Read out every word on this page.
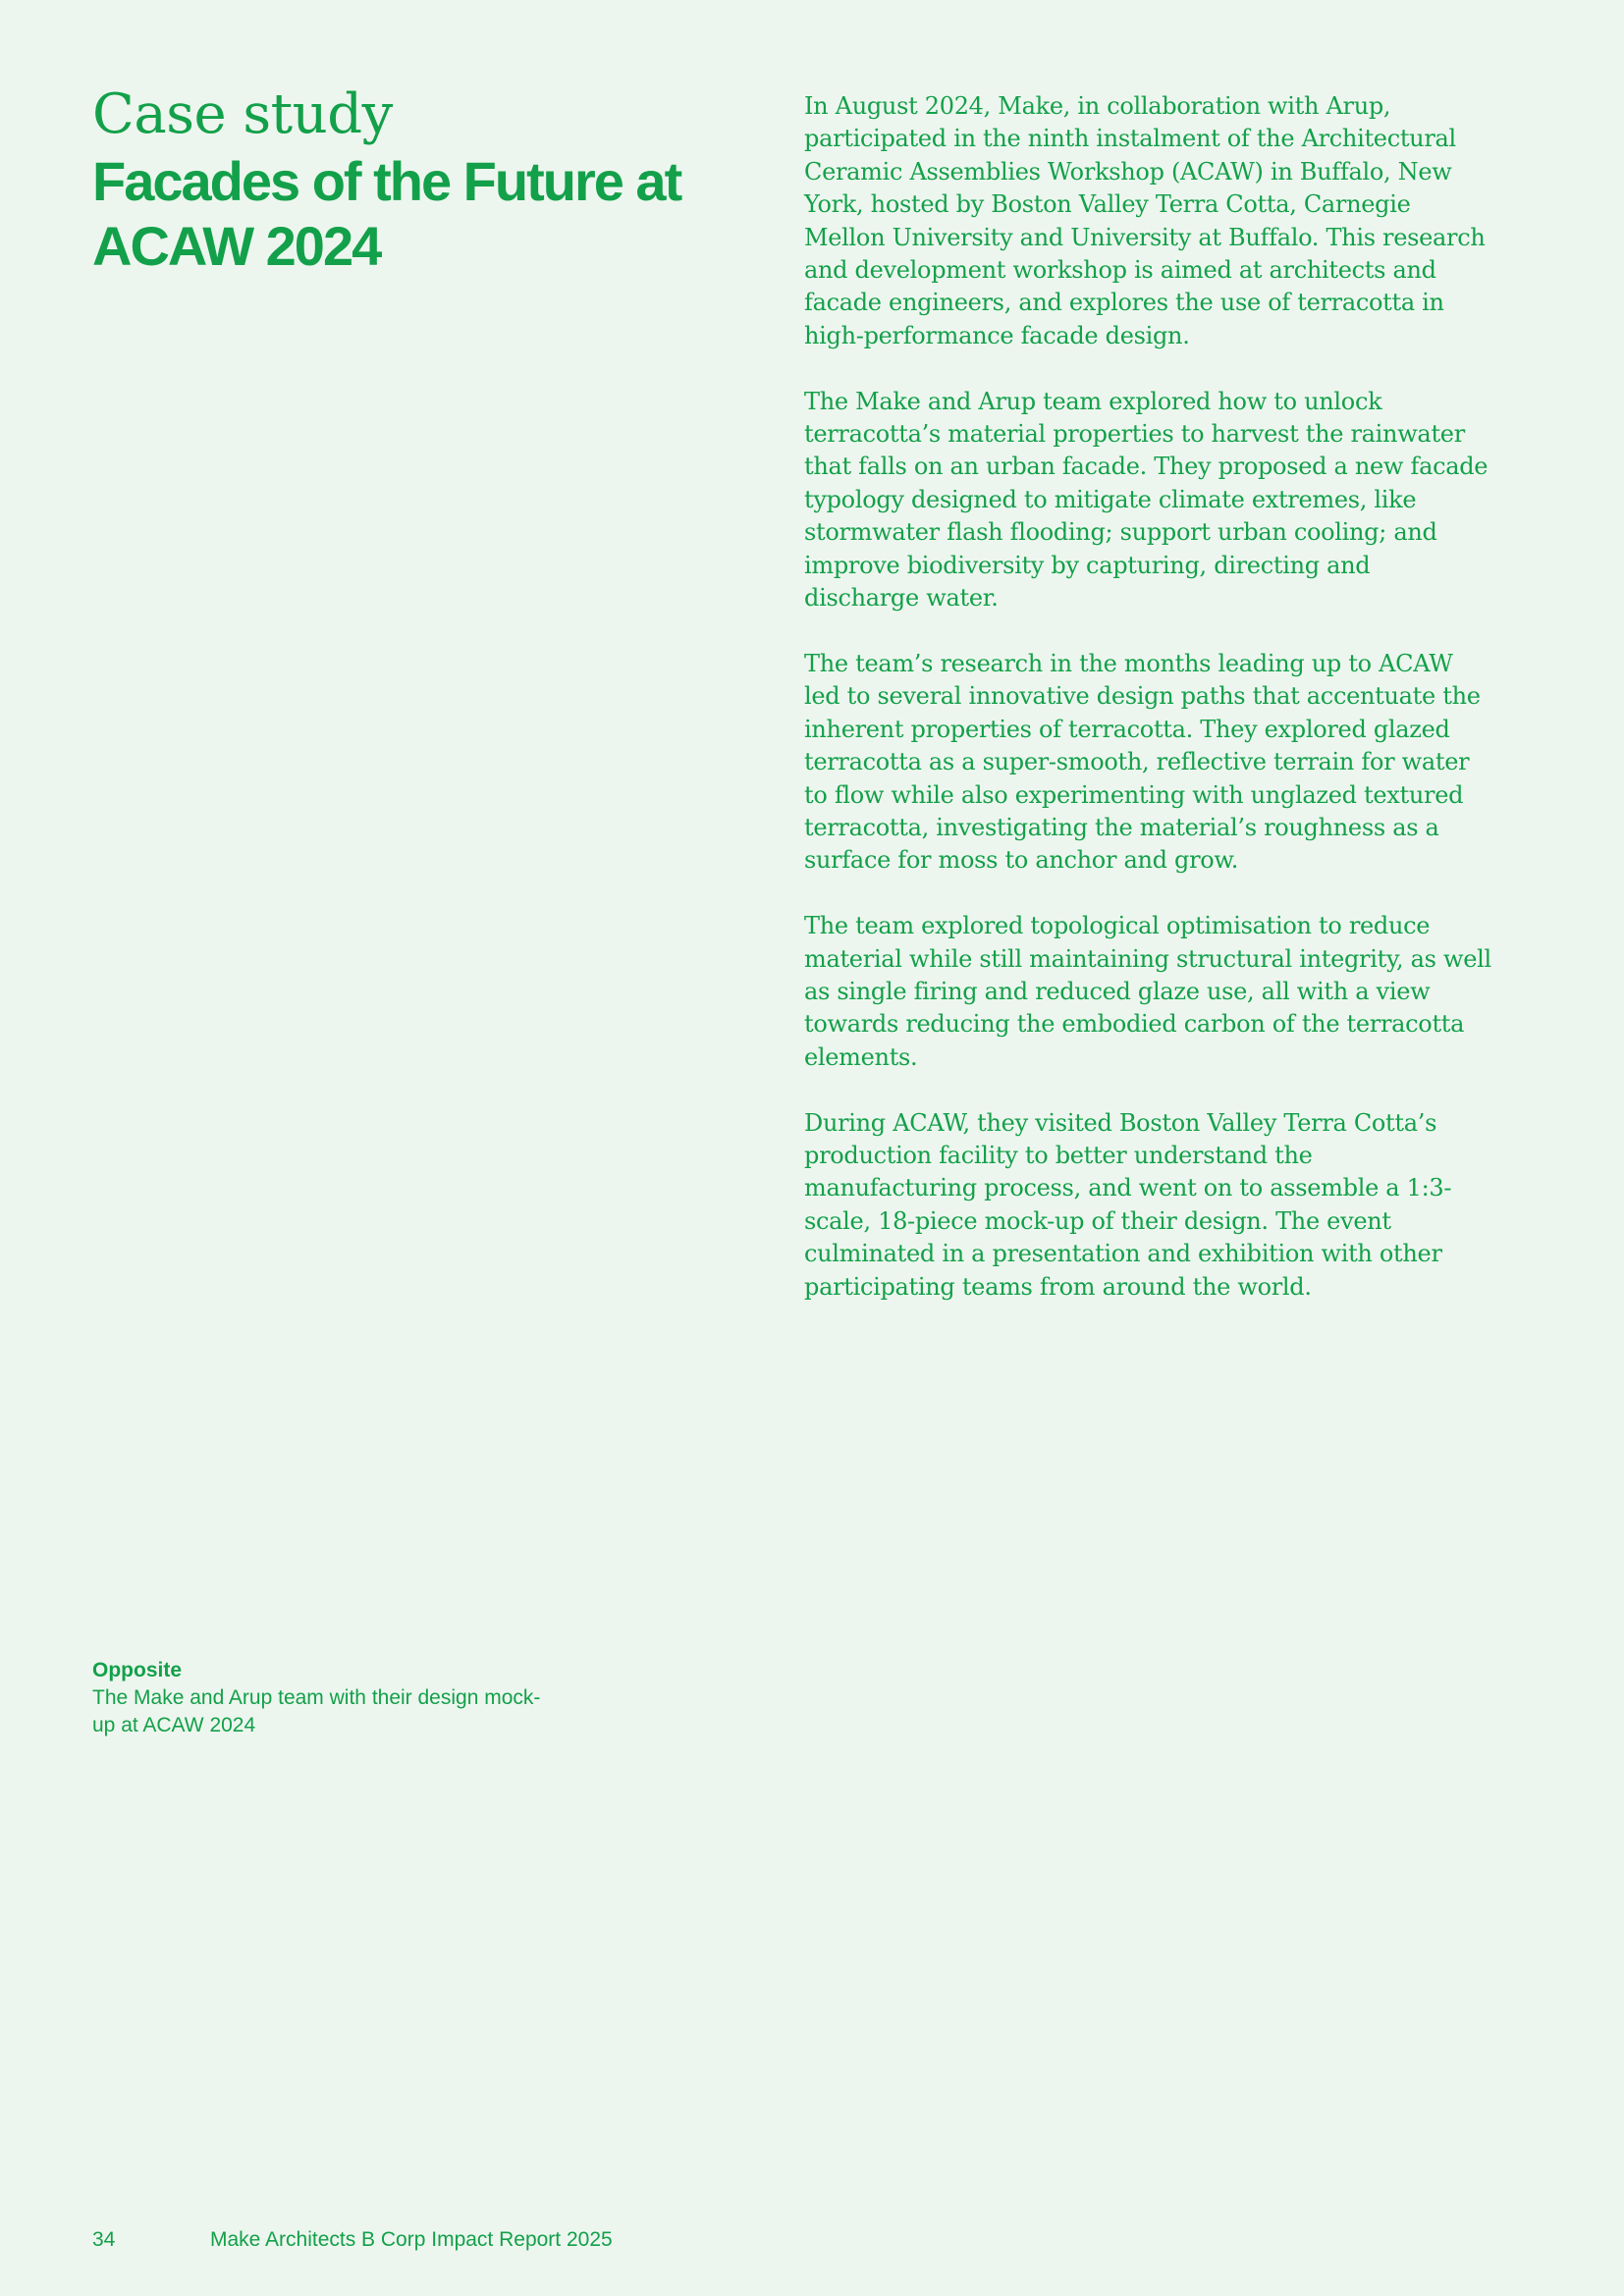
Case study
Facades of the Future at ACAW 2024

In August 2024, Make, in collaboration with Arup, participated in the ninth instalment of the Architectural Ceramic Assemblies Workshop (ACAW) in Buffalo, New York, hosted by Boston Valley Terra Cotta, Carnegie Mellon University and University at Buffalo. This research and development workshop is aimed at architects and facade engineers, and explores the use of terracotta in high-performance facade design.

The Make and Arup team explored how to unlock terracotta’s material properties to harvest the rainwater that falls on an urban facade. They proposed a new facade typology designed to mitigate climate extremes, like stormwater flash flooding; support urban cooling; and improve biodiversity by capturing, directing and discharge water.

The team’s research in the months leading up to ACAW led to several innovative design paths that accentuate the inherent properties of terracotta. They explored glazed terracotta as a super-smooth, reflective terrain for water to flow while also experimenting with unglazed textured terracotta, investigating the material’s roughness as a surface for moss to anchor and grow.

The team explored topological optimisation to reduce material while still maintaining structural integrity, as well as single firing and reduced glaze use, all with a view towards reducing the embodied carbon of the terracotta elements.

During ACAW, they visited Boston Valley Terra Cotta’s production facility to better understand the manufacturing process, and went on to assemble a 1:3-scale, 18-piece mock-up of their design. The event culminated in a presentation and exhibition with other participating teams from around the world.

Opposite
The Make and Arup team with their design mock-up at ACAW 2024
34	Make Architects B Corp Impact Report 2025
